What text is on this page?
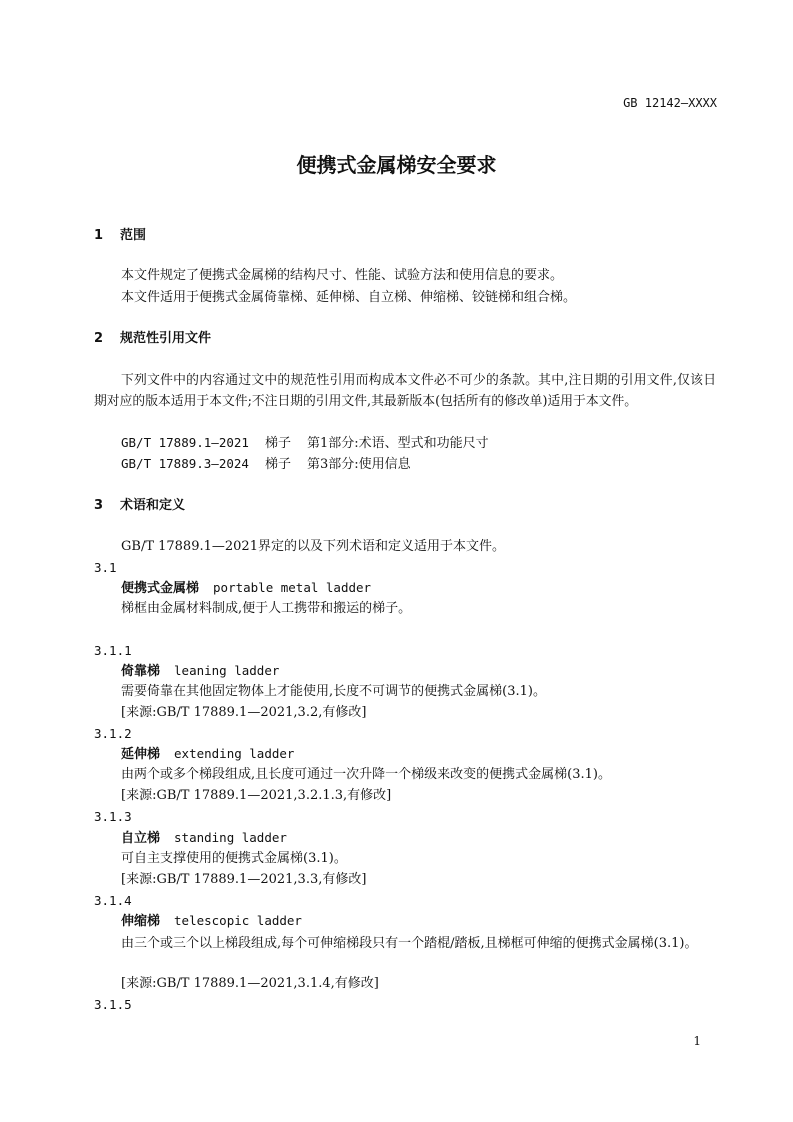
GB 12142—XXXX
便携式金属梯安全要求
1 范围
本文件规定了便携式金属梯的结构尺寸、性能、试验方法和使用信息的要求。
本文件适用于便携式金属倚靠梯、延伸梯、自立梯、伸缩梯、铰链梯和组合梯。
2 规范性引用文件
下列文件中的内容通过文中的规范性引用而构成本文件必不可少的条款。其中,注日期的引用文件,仅该日期对应的版本适用于本文件;不注日期的引用文件,其最新版本(包括所有的修改单)适用于本文件。
GB/T 17889.1—2021 梯子 第1部分:术语、型式和功能尺寸
GB/T 17889.3—2024 梯子 第3部分:使用信息
3 术语和定义
GB/T 17889.1—2021界定的以及下列术语和定义适用于本文件。
3.1
便携式金属梯 portable metal ladder
梯框由金属材料制成,便于人工携带和搬运的梯子。
3.1.1
倚靠梯 leaning ladder
需要倚靠在其他固定物体上才能使用,长度不可调节的便携式金属梯(3.1)。
[来源:GB/T 17889.1—2021,3.2,有修改]
3.1.2
延伸梯 extending ladder
由两个或多个梯段组成,且长度可通过一次升降一个梯级来改变的便携式金属梯(3.1)。
[来源:GB/T 17889.1—2021,3.2.1.3,有修改]
3.1.3
自立梯 standing ladder
可自主支撑使用的便携式金属梯(3.1)。
[来源:GB/T 17889.1—2021,3.3,有修改]
3.1.4
伸缩梯 telescopic ladder
由三个或三个以上梯段组成,每个可伸缩梯段只有一个踏棍/踏板,且梯框可伸缩的便携式金属梯(3.1)。
[来源:GB/T 17889.1—2021,3.1.4,有修改]
3.1.5
1
